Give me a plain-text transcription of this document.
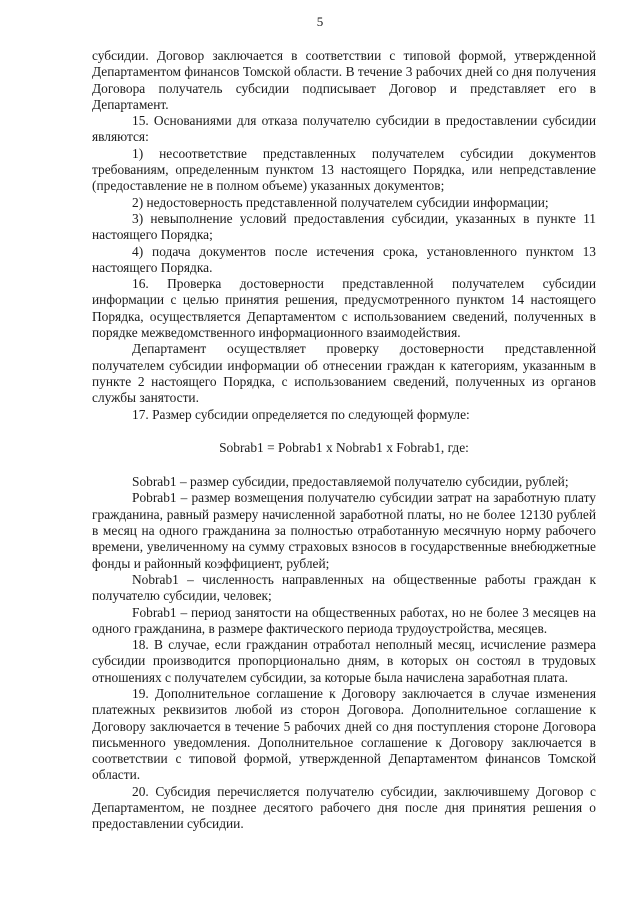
5

субсидии. Договор заключается в соответствии с типовой формой, утвержденной Департаментом финансов Томской области. В течение 3 рабочих дней со дня получения Договора получатель субсидии подписывает Договор и представляет его в Департамент.

15. Основаниями для отказа получателю субсидии в предоставлении субсидии являются:

1) несоответствие представленных получателем субсидии документов требованиям, определенным пунктом 13 настоящего Порядка, или непредставление (предоставление не в полном объеме) указанных документов;

2) недостоверность представленной получателем субсидии информации;

3) невыполнение условий предоставления субсидии, указанных в пункте 11 настоящего Порядка;

4) подача документов после истечения срока, установленного пунктом 13 настоящего Порядка.

16. Проверка достоверности представленной получателем субсидии информации с целью принятия решения, предусмотренного пунктом 14 настоящего Порядка, осуществляется Департаментом с использованием сведений, полученных в порядке межведомственного информационного взаимодействия.

Департамент осуществляет проверку достоверности представленной получателем субсидии информации об отнесении граждан к категориям, указанным в пункте 2 настоящего Порядка, с использованием сведений, полученных из органов службы занятости.

17. Размер субсидии определяется по следующей формуле:

Sobrab1 = Pobrab1 x Nobrab1 x Fobrab1, где:

Sobrab1 – размер субсидии, предоставляемой получателю субсидии, рублей;

Pobrab1 – размер возмещения получателю субсидии затрат на заработную плату гражданина, равный размеру начисленной заработной платы, но не более 12130 рублей в месяц на одного гражданина за полностью отработанную месячную норму рабочего времени, увеличенному на сумму страховых взносов в государственные внебюджетные фонды и районный коэффициент, рублей;

Nobrab1 – численность направленных на общественные работы граждан к получателю субсидии, человек;

Fobrab1 – период занятости на общественных работах, но не более 3 месяцев на одного гражданина, в размере фактического периода трудоустройства, месяцев.

18. В случае, если гражданин отработал неполный месяц, исчисление размера субсидии производится пропорционально дням, в которых он состоял в трудовых отношениях с получателем субсидии, за которые была начислена заработная плата.

19. Дополнительное соглашение к Договору заключается в случае изменения платежных реквизитов любой из сторон Договора. Дополнительное соглашение к Договору заключается в течение 5 рабочих дней со дня поступления стороне Договора письменного уведомления. Дополнительное соглашение к Договору заключается в соответствии с типовой формой, утвержденной Департаментом финансов Томской области.

20. Субсидия перечисляется получателю субсидии, заключившему Договор с Департаментом, не позднее десятого рабочего дня после дня принятия решения о предоставлении субсидии.
